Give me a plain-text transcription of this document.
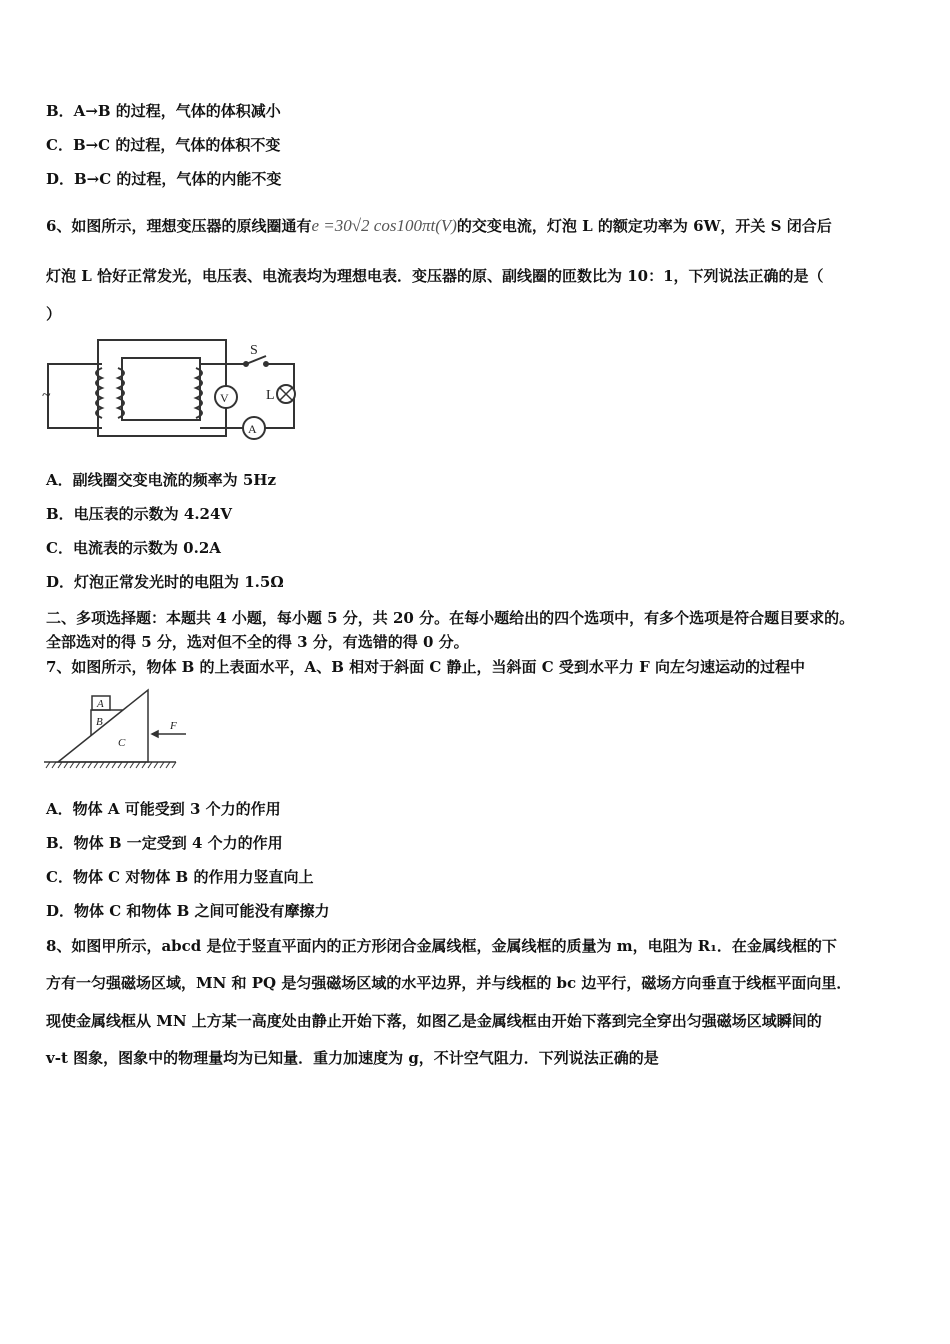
B．A→B 的过程，气体的体积减小
C．B→C 的过程，气体的体积不变
D．B→C 的过程，气体的内能不变
6、如图所示，理想变压器的原线圈通有e =30√2 cos100πt(V)的交变电流，灯泡 L 的额定功率为 6W，开关 S 闭合后
灯泡 L 恰好正常发光，电压表、电流表均为理想电表．变压器的原、副线圈的匝数比为 10：1，下列说法正确的是（
）
V
A
S
L
~
A．副线圈交变电流的频率为 5Hz
B．电压表的示数为 4.24V
C．电流表的示数为 0.2A
D．灯泡正常发光时的电阻为 1.5Ω
二、多项选择题：本题共 4 小题，每小题 5 分，共 20 分。在每小题给出的四个选项中，有多个选项是符合题目要求的。
全部选对的得 5 分，选对但不全的得 3 分，有选错的得 0 分。
7、如图所示，物体 B 的上表面水平，A、B 相对于斜面 C 静止，当斜面 C 受到水平力 F 向左匀速运动的过程中
A
B
C
F
A．物体 A 可能受到 3 个力的作用
B．物体 B 一定受到 4 个力的作用
C．物体 C 对物体 B 的作用力竖直向上
D．物体 C 和物体 B 之间可能没有摩擦力
8、如图甲所示，abcd 是位于竖直平面内的正方形闭合金属线框，金属线框的质量为 m，电阻为 R₁．在金属线框的下
方有一匀强磁场区域，MN 和 PQ 是匀强磁场区域的水平边界，并与线框的 bc 边平行，磁场方向垂直于线框平面向里．
现使金属线框从 MN 上方某一高度处由静止开始下落，如图乙是金属线框由开始下落到完全穿出匀强磁场区域瞬间的
v-t 图象，图象中的物理量均为已知量．重力加速度为 g，不计空气阻力．下列说法正确的是
